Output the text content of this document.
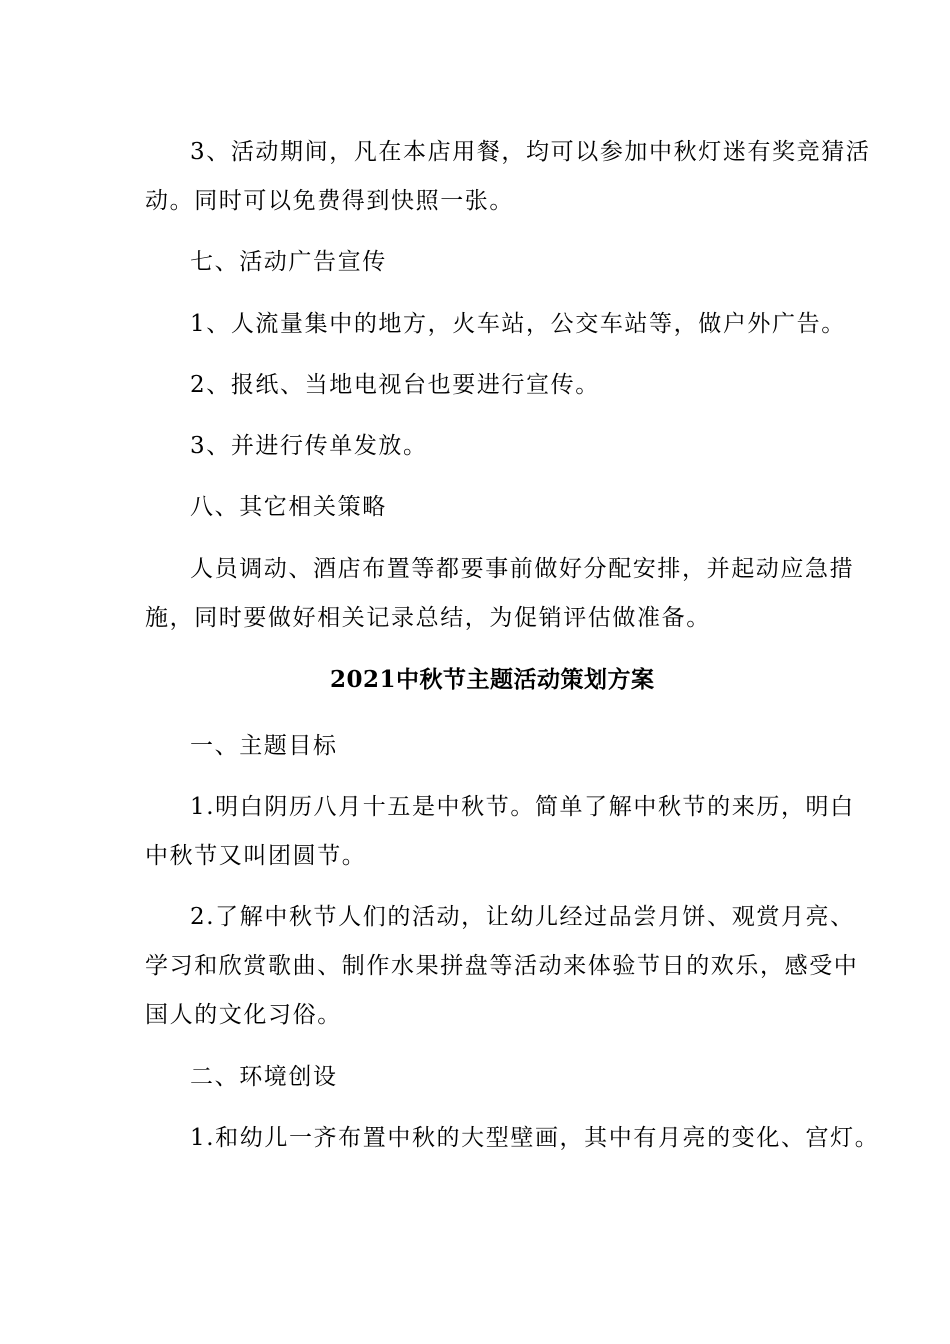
3、活动期间，凡在本店用餐，均可以参加中秋灯迷有奖竞猜活
动。同时可以免费得到快照一张。
七、活动广告宣传
1、人流量集中的地方，火车站，公交车站等，做户外广告。
2、报纸、当地电视台也要进行宣传。
3、并进行传单发放。
八、其它相关策略
人员调动、酒店布置等都要事前做好分配安排，并起动应急措
施，同时要做好相关记录总结，为促销评估做准备。
2021中秋节主题活动策划方案
一、主题目标
1.明白阴历八月十五是中秋节。简单了解中秋节的来历，明白
中秋节又叫团圆节。
2.了解中秋节人们的活动，让幼儿经过品尝月饼、观赏月亮、
学习和欣赏歌曲、制作水果拼盘等活动来体验节日的欢乐，感受中
国人的文化习俗。
二、环境创设
1.和幼儿一齐布置中秋的大型壁画，其中有月亮的变化、宫灯。
